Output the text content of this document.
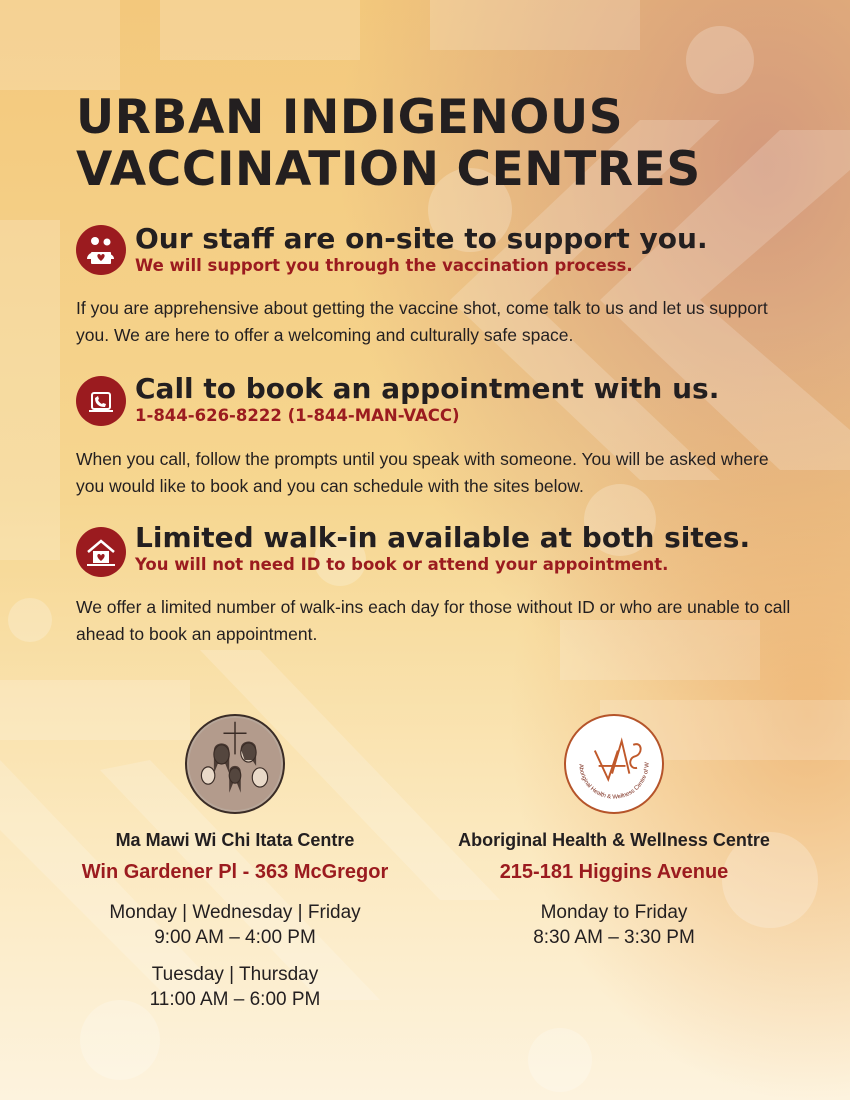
URBAN INDIGENOUS
VACCINATION CENTRES

Our staff are on-site to support you.

We will support you through the vaccination process.

If you are apprehensive about getting the vaccine shot, come talk to us and let us support you. We are here to offer a welcoming and culturally safe space.

Call to book an appointment with us.

1-844-626-8222 (1-844-MAN-VACC)

When you call, follow the prompts until you speak with someone. You will be asked where you would like to book and you can schedule with the sites below.

Limited walk-in available at both sites.

You will not need ID to book or attend your appointment.

We offer a limited number of walk-ins each day for those without ID or who are unable to call ahead to book an appointment.

Ma Mawi Wi Chi Itata Centre

Win Gardener Pl - 363 McGregor

Monday | Wednesday | Friday

9:00 AM – 4:00 PM

Tuesday | Thursday

11:00 AM – 6:00 PM

Aboriginal Health & Wellness Centre of W

Aboriginal Health & Wellness Centre

215-181 Higgins Avenue

Monday to Friday

8:30 AM – 3:30 PM
